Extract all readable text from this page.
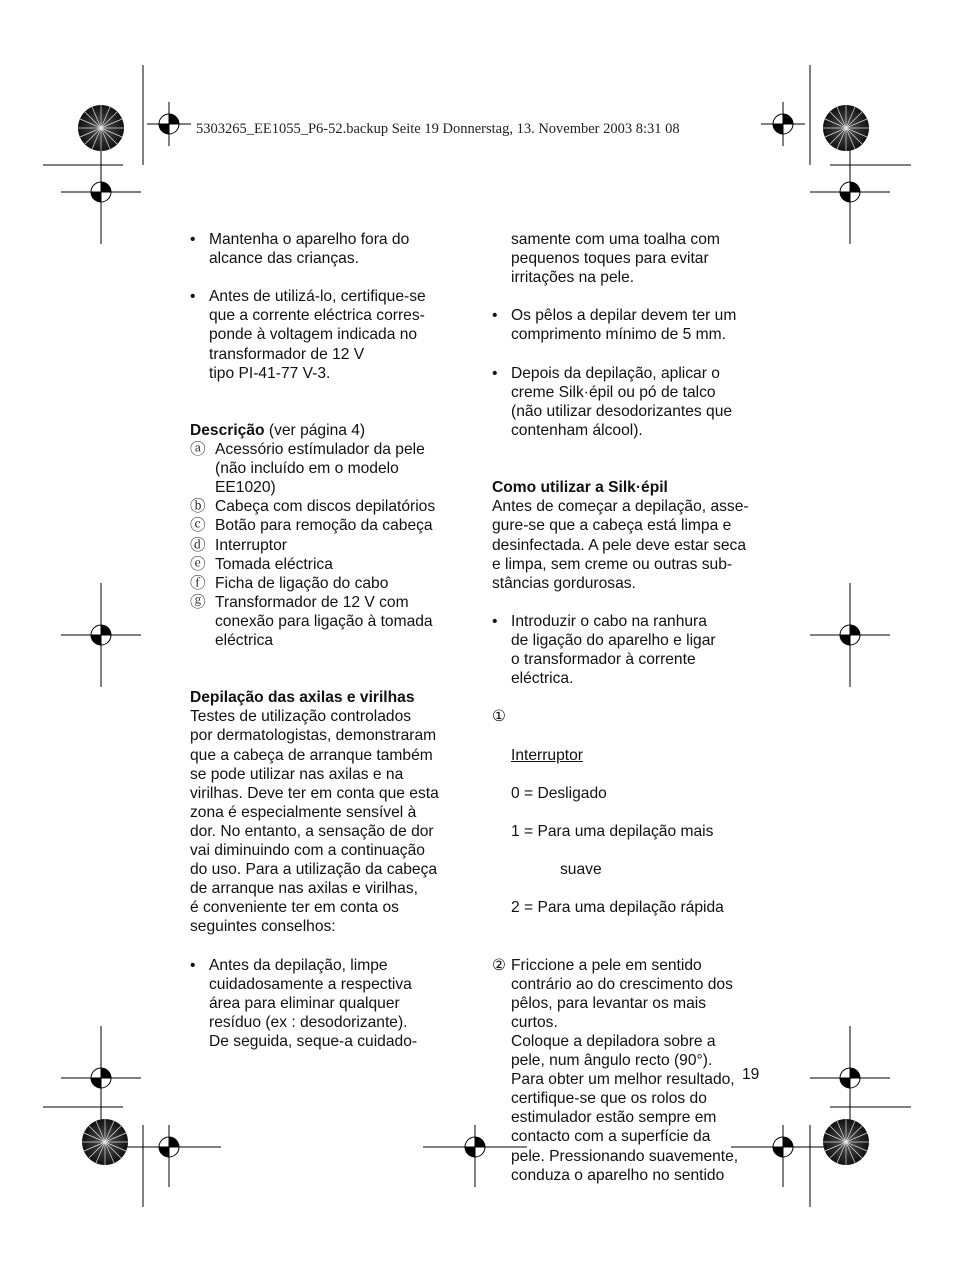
5303265_EE1055_P6-52.backup Seite 19 Donnerstag, 13. November 2003 8:31 08
• Mantenha o aparelho fora do
alcance das crianças.
• Antes de utilizá-lo, certifique-se
que a corrente eléctrica corres-
ponde à voltagem indicada no
transformador de 12 V
tipo PI-41-77 V-3.
Descrição (ver página 4)
ⓐ Acessório estímulador da pele
(não incluído em o modelo
EE1020)
ⓑ Cabeça com discos depilatórios
ⓒ Botão para remoção da cabeça
ⓓ Interruptor
ⓔ Tomada eléctrica
ⓕ Ficha de ligação do cabo
ⓖ Transformador de 12 V com
conexão para ligação à tomada
eléctrica
Depilação das axilas e virilhas
Testes de utilização controlados
por dermatologistas, demonstraram
que a cabeça de arranque também
se pode utilizar nas axilas e na
virilhas. Deve ter em conta que esta
zona é especialmente sensível à
dor. No entanto, a sensação de dor
vai diminuindo com a continuação
do uso. Para a utilização da cabeça
de arranque nas axilas e virilhas,
é conveniente ter em conta os
seguintes conselhos:
• Antes da depilação, limpe
cuidadosamente a respectiva
área para eliminar qualquer
resíduo (ex : desodorizante).
De seguida, seque-a cuidado-
samente com uma toalha com
pequenos toques para evitar
irritações na pele.
• Os pêlos a depilar devem ter um
comprimento mínimo de 5 mm.
• Depois da depilação, aplicar o
creme Silk·épil ou pó de talco
(não utilizar desodorizantes que
contenham álcool).
Como utilizar a Silk·épil
Antes de começar a depilação, asse-
gure-se que a cabeça está limpa e
desinfectada. A pele deve estar seca
e limpa, sem creme ou outras sub-
stâncias gordurosas.
• Introduzir o cabo na ranhura
de ligação do aparelho e ligar
o transformador à corrente
eléctrica.

①

Interruptor

0 = Desligado

1 = Para uma depilação mais

suave

2 = Para uma depilação rápida

② Friccione a pele em sentido
contrário ao do crescimento dos
pêlos, para levantar os mais
curtos.
Coloque a depiladora sobre a
pele, num ângulo recto (90°).
Para obter um melhor resultado,
certifique-se que os rolos do
estimulador estão sempre em
contacto com a superfície da
pele. Pressionando suavemente,
conduza o aparelho no sentido
19
